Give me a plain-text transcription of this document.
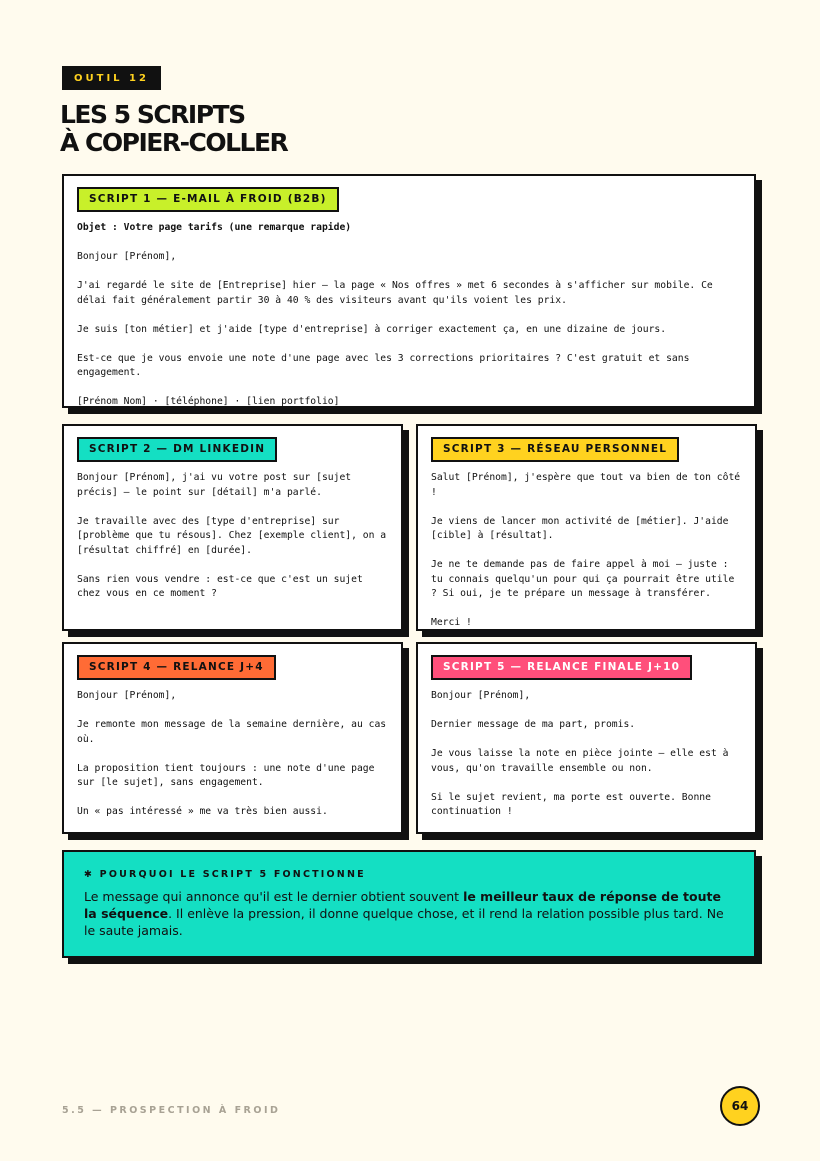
OUTIL 12
LES 5 SCRIPTS
À COPIER-COLLER
SCRIPT 1 — E-MAIL À FROID (B2B)

Objet : Votre page tarifs (une remarque rapide)

Bonjour [Prénom],

J'ai regardé le site de [Entreprise] hier — la page « Nos offres » met 6 secondes à s'afficher sur mobile. Ce délai fait généralement partir 30 à 40 % des visiteurs avant qu'ils voient les prix.

Je suis [ton métier] et j'aide [type d'entreprise] à corriger exactement ça, en une dizaine de jours.

Est-ce que je vous envoie une note d'une page avec les 3 corrections prioritaires ? C'est gratuit et sans engagement.

[Prénom Nom] · [téléphone] · [lien portfolio]

SCRIPT 2 — DM LINKEDIN

Bonjour [Prénom], j'ai vu votre post sur [sujet précis] — le point sur [détail] m'a parlé.

Je travaille avec des [type d'entreprise] sur [problème que tu résous]. Chez [exemple client], on a [résultat chiffré] en [durée].

Sans rien vous vendre : est-ce que c'est un sujet chez vous en ce moment ?

SCRIPT 3 — RÉSEAU PERSONNEL

Salut [Prénom], j'espère que tout va bien de ton côté !

Je viens de lancer mon activité de [métier]. J'aide [cible] à [résultat].

Je ne te demande pas de faire appel à moi — juste : tu connais quelqu'un pour qui ça pourrait être utile ? Si oui, je te prépare un message à transférer.

Merci !

SCRIPT 4 — RELANCE J+4

Bonjour [Prénom],

Je remonte mon message de la semaine dernière, au cas où.

La proposition tient toujours : une note d'une page sur [le sujet], sans engagement.

Un « pas intéressé » me va très bien aussi.

SCRIPT 5 — RELANCE FINALE J+10

Bonjour [Prénom],

Dernier message de ma part, promis.

Je vous laisse la note en pièce jointe — elle est à vous, qu'on travaille ensemble ou non.

Si le sujet revient, ma porte est ouverte. Bonne continuation !

✱ POURQUOI LE SCRIPT 5 FONCTIONNE
Le message qui annonce qu'il est le dernier obtient souvent le meilleur taux de réponse de toute la séquence. Il enlève la pression, il donne quelque chose, et il rend la relation possible plus tard. Ne le saute jamais.
5.5 — PROSPECTION À FROID	64
